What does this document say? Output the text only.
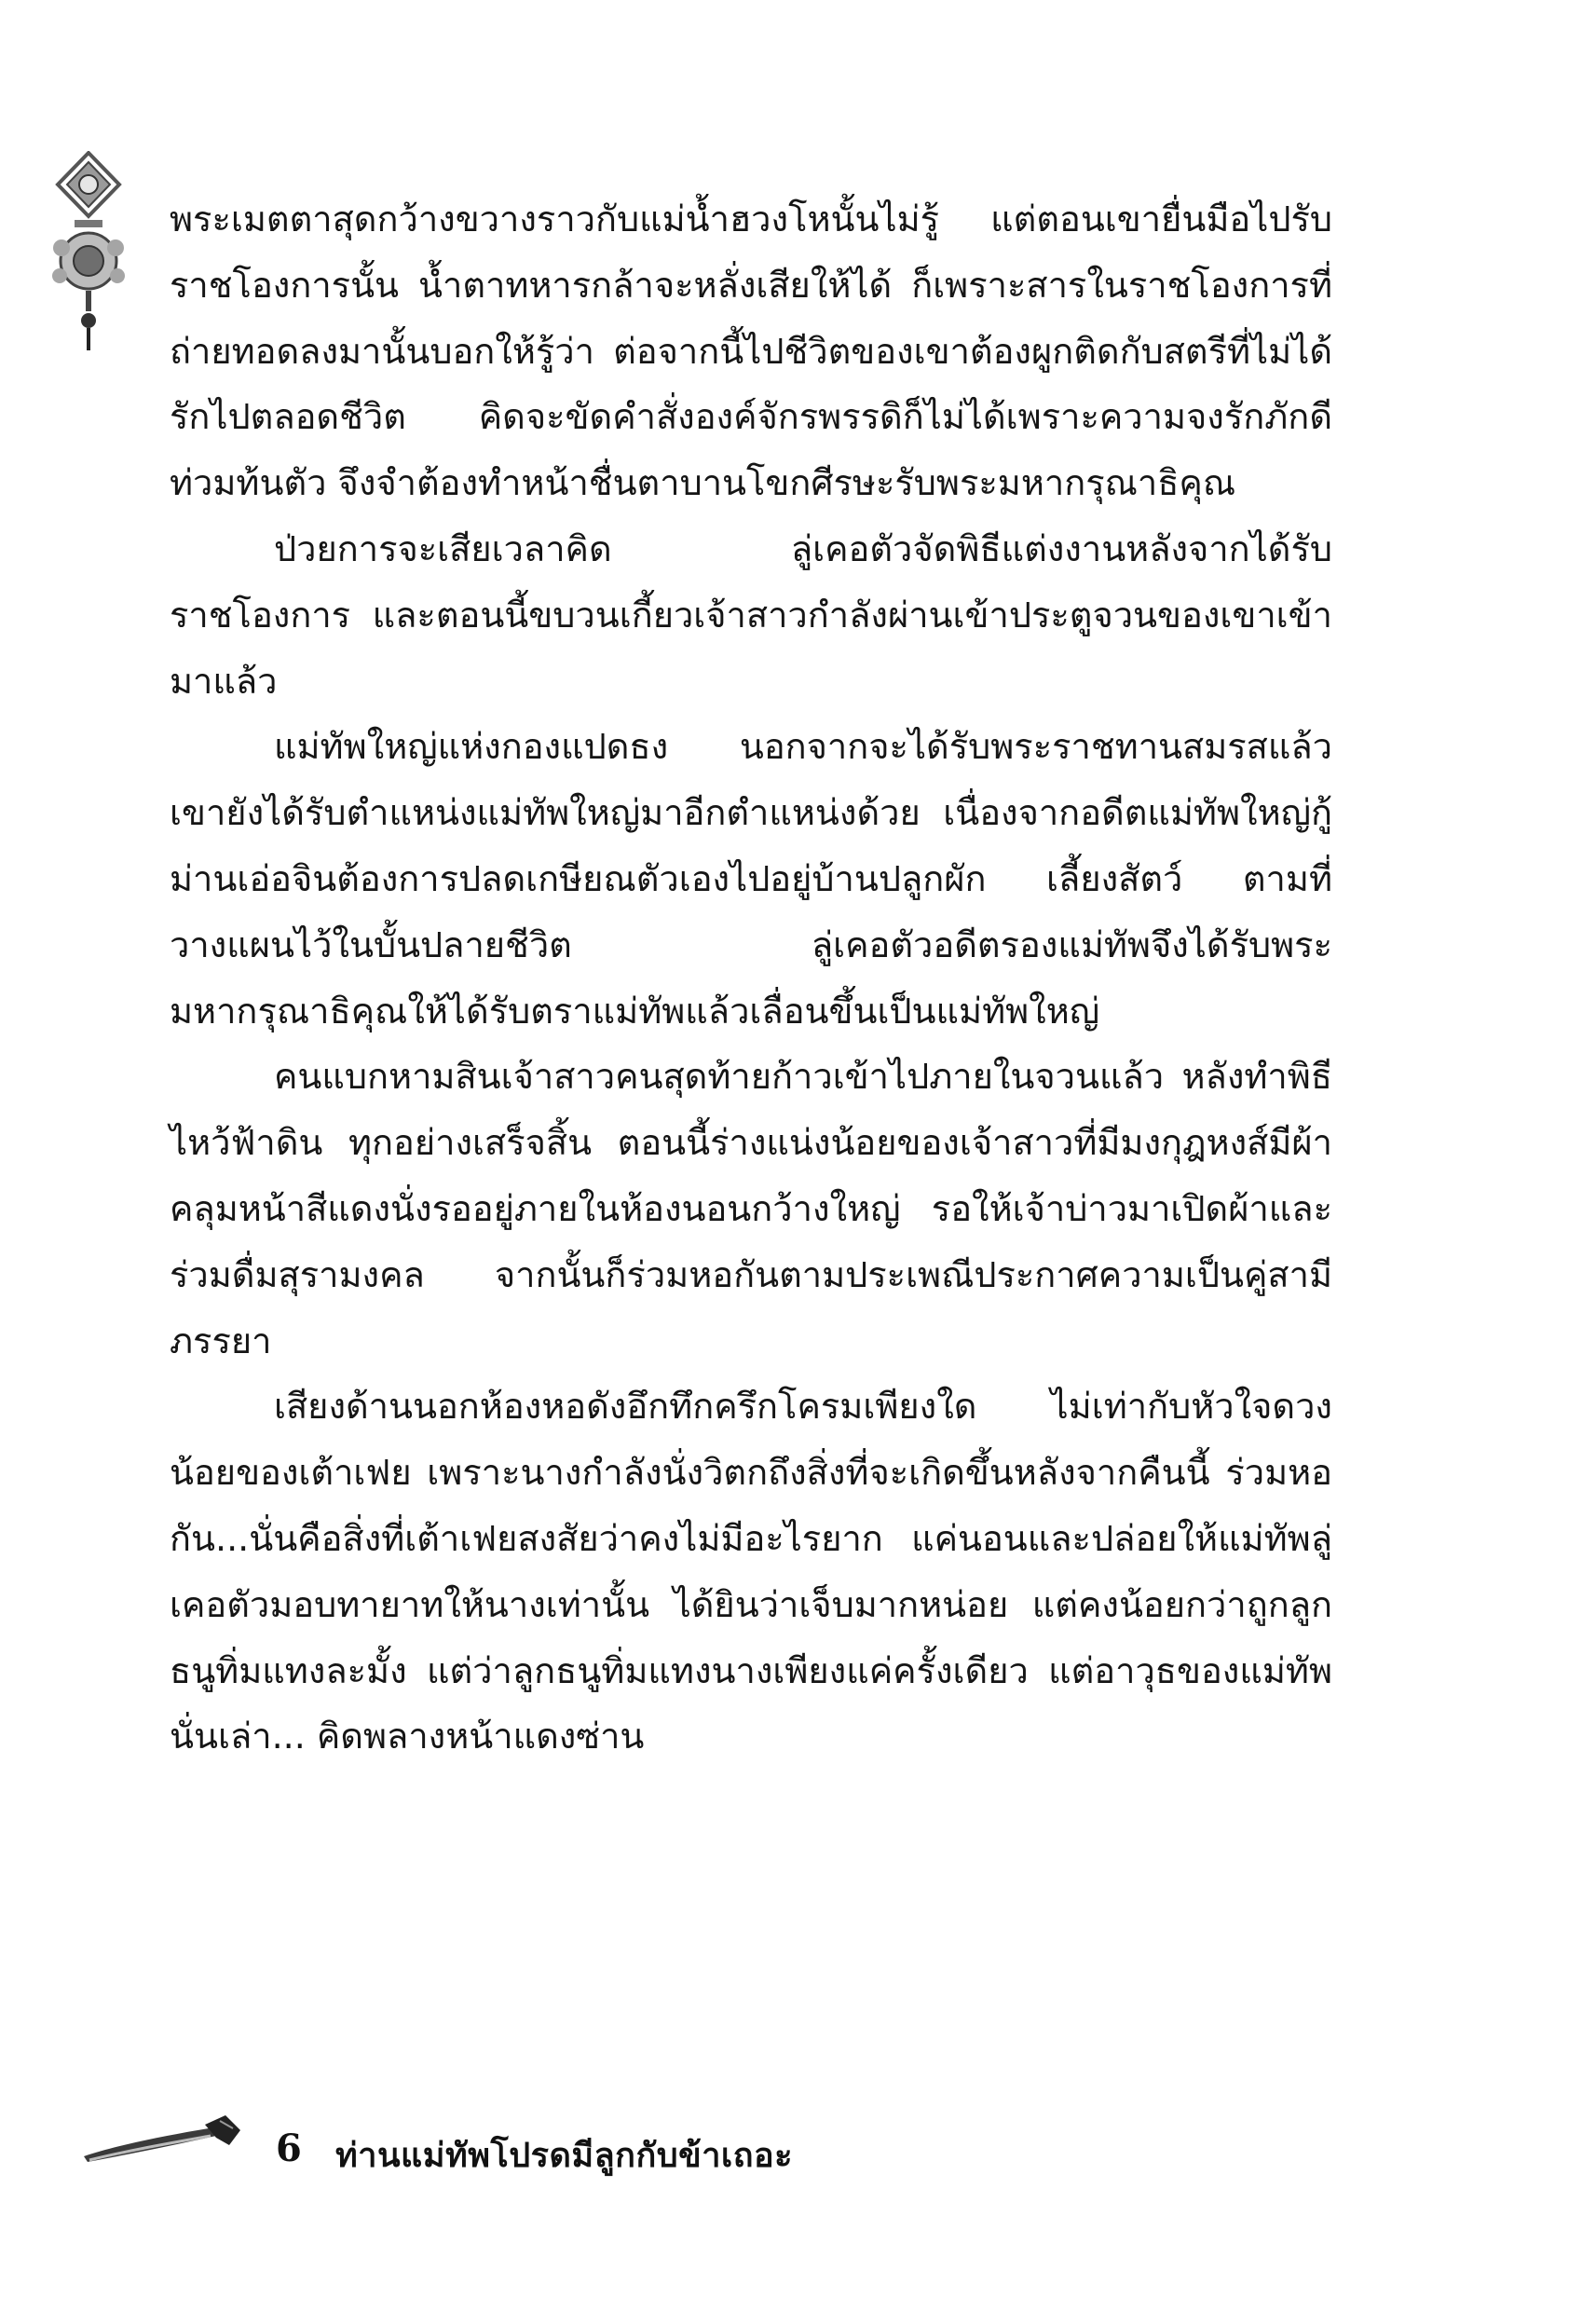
พระเมตตาสุดกว้างขวางราวกับแม่น้ำฮวงโหนั้นไม่รู้ แต่ตอนเขายื่นมือไปรับราชโองการนั้น น้ำตาทหารกล้าจะหลั่งเสียให้ได้ ก็เพราะสารในราชโองการที่ถ่ายทอดลงมานั้นบอกให้รู้ว่า ต่อจากนี้ไปชีวิตของเขาต้องผูกติดกับสตรีที่ไม่ได้รักไปตลอดชีวิต คิดจะขัดคำสั่งองค์จักรพรรดิก็ไม่ได้เพราะความจงรักภักดีท่วมท้นตัว จึงจำต้องทำหน้าชื่นตาบานโขกศีรษะรับพระมหากรุณาธิคุณ

ป่วยการจะเสียเวลาคิด ลู่เคอตัวจัดพิธีแต่งงานหลังจากได้รับราชโองการ และตอนนี้ขบวนเกี้ยวเจ้าสาวกำลังผ่านเข้าประตูจวนของเขาเข้ามาแล้ว

แม่ทัพใหญ่แห่งกองแปดธง นอกจากจะได้รับพระราชทานสมรสแล้ว เขายังได้รับตำแหน่งแม่ทัพใหญ่มาอีกตำแหน่งด้วย เนื่องจากอดีตแม่ทัพใหญ่กู้ม่านเอ่อจินต้องการปลดเกษียณตัวเองไปอยู่บ้านปลูกผัก เลี้ยงสัตว์ ตามที่วางแผนไว้ในบั้นปลายชีวิต ลู่เคอตัวอดีตรองแม่ทัพจึงได้รับพระมหากรุณาธิคุณให้ได้รับตราแม่ทัพแล้วเลื่อนขึ้นเป็นแม่ทัพใหญ่

คนแบกหามสินเจ้าสาวคนสุดท้ายก้าวเข้าไปภายในจวนแล้ว หลังทำพิธีไหว้ฟ้าดิน ทุกอย่างเสร็จสิ้น ตอนนี้ร่างแน่งน้อยของเจ้าสาวที่มีมงกุฎหงส์มีผ้าคลุมหน้าสีแดงนั่งรออยู่ภายในห้องนอนกว้างใหญ่ รอให้เจ้าบ่าวมาเปิดผ้าและร่วมดื่มสุรามงคล จากนั้นก็ร่วมหอกันตามประเพณีประกาศความเป็นคู่สามีภรรยา

เสียงด้านนอกห้องหอดังอึกทึกครึกโครมเพียงใด ไม่เท่ากับหัวใจดวงน้อยของเต้าเฟย เพราะนางกำลังนั่งวิตกถึงสิ่งที่จะเกิดขึ้นหลังจากคืนนี้ ร่วมหอกัน...นั่นคือสิ่งที่เต้าเฟยสงสัยว่าคงไม่มีอะไรยาก แค่นอนและปล่อยให้แม่ทัพลู่เคอตัวมอบทายาทให้นางเท่านั้น ได้ยินว่าเจ็บมากหน่อย แต่คงน้อยกว่าถูกลูกธนูทิ่มแทงละมั้ง แต่ว่าลูกธนูทิ่มแทงนางเพียงแค่ครั้งเดียว แต่อาวุธของแม่ทัพนั่นเล่า... คิดพลางหน้าแดงซ่าน

6 ท่านแม่ทัพโปรดมีลูกกับข้าเถอะ
